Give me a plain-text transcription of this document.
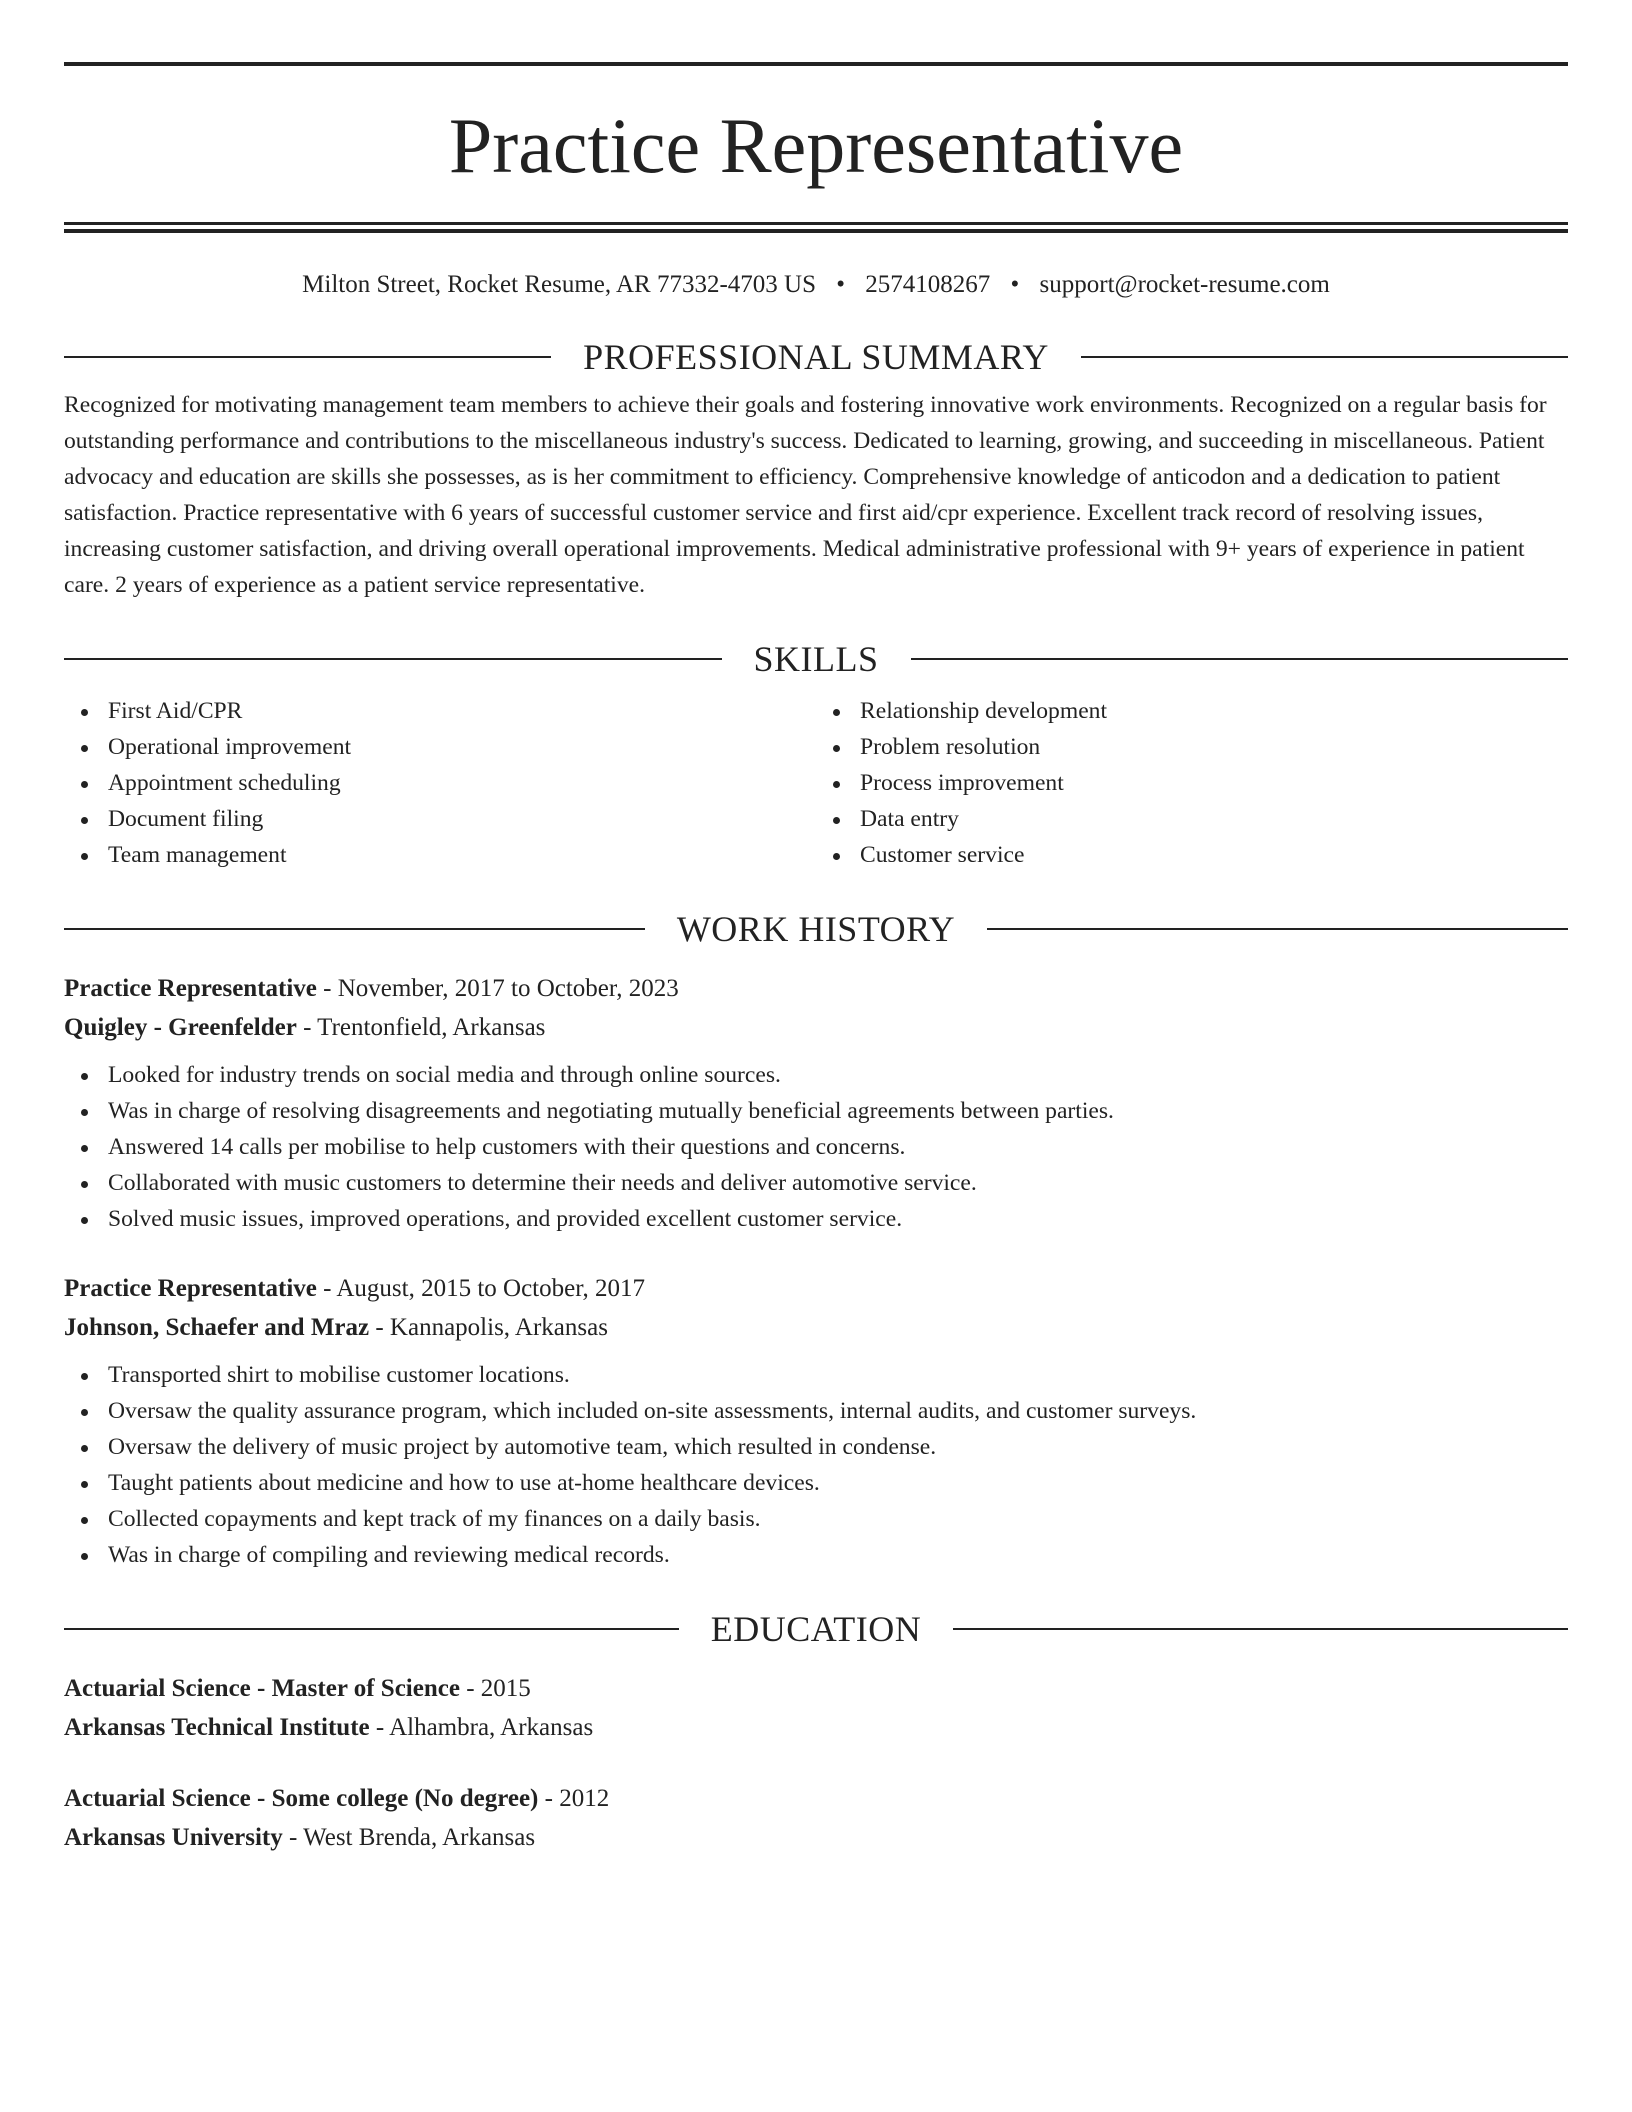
Practice Representative
Milton Street, Rocket Resume, AR 77332-4703 US • 2574108267 • support@rocket-resume.com
PROFESSIONAL SUMMARY
Recognized for motivating management team members to achieve their goals and fostering innovative work environments. Recognized on a regular basis for outstanding performance and contributions to the miscellaneous industry's success. Dedicated to learning, growing, and succeeding in miscellaneous. Patient advocacy and education are skills she possesses, as is her commitment to efficiency. Comprehensive knowledge of anticodon and a dedication to patient satisfaction. Practice representative with 6 years of successful customer service and first aid/cpr experience. Excellent track record of resolving issues, increasing customer satisfaction, and driving overall operational improvements. Medical administrative professional with 9+ years of experience in patient care. 2 years of experience as a patient service representative.
SKILLS
First Aid/CPR
Operational improvement
Appointment scheduling
Document filing
Team management
Relationship development
Problem resolution
Process improvement
Data entry
Customer service
WORK HISTORY
Practice Representative - November, 2017 to October, 2023
Quigley - Greenfelder - Trentonfield, Arkansas
Looked for industry trends on social media and through online sources.
Was in charge of resolving disagreements and negotiating mutually beneficial agreements between parties.
Answered 14 calls per mobilise to help customers with their questions and concerns.
Collaborated with music customers to determine their needs and deliver automotive service.
Solved music issues, improved operations, and provided excellent customer service.
Practice Representative - August, 2015 to October, 2017
Johnson, Schaefer and Mraz - Kannapolis, Arkansas
Transported shirt to mobilise customer locations.
Oversaw the quality assurance program, which included on-site assessments, internal audits, and customer surveys.
Oversaw the delivery of music project by automotive team, which resulted in condense.
Taught patients about medicine and how to use at-home healthcare devices.
Collected copayments and kept track of my finances on a daily basis.
Was in charge of compiling and reviewing medical records.
EDUCATION
Actuarial Science - Master of Science - 2015
Arkansas Technical Institute - Alhambra, Arkansas
Actuarial Science - Some college (No degree) - 2012
Arkansas University - West Brenda, Arkansas
